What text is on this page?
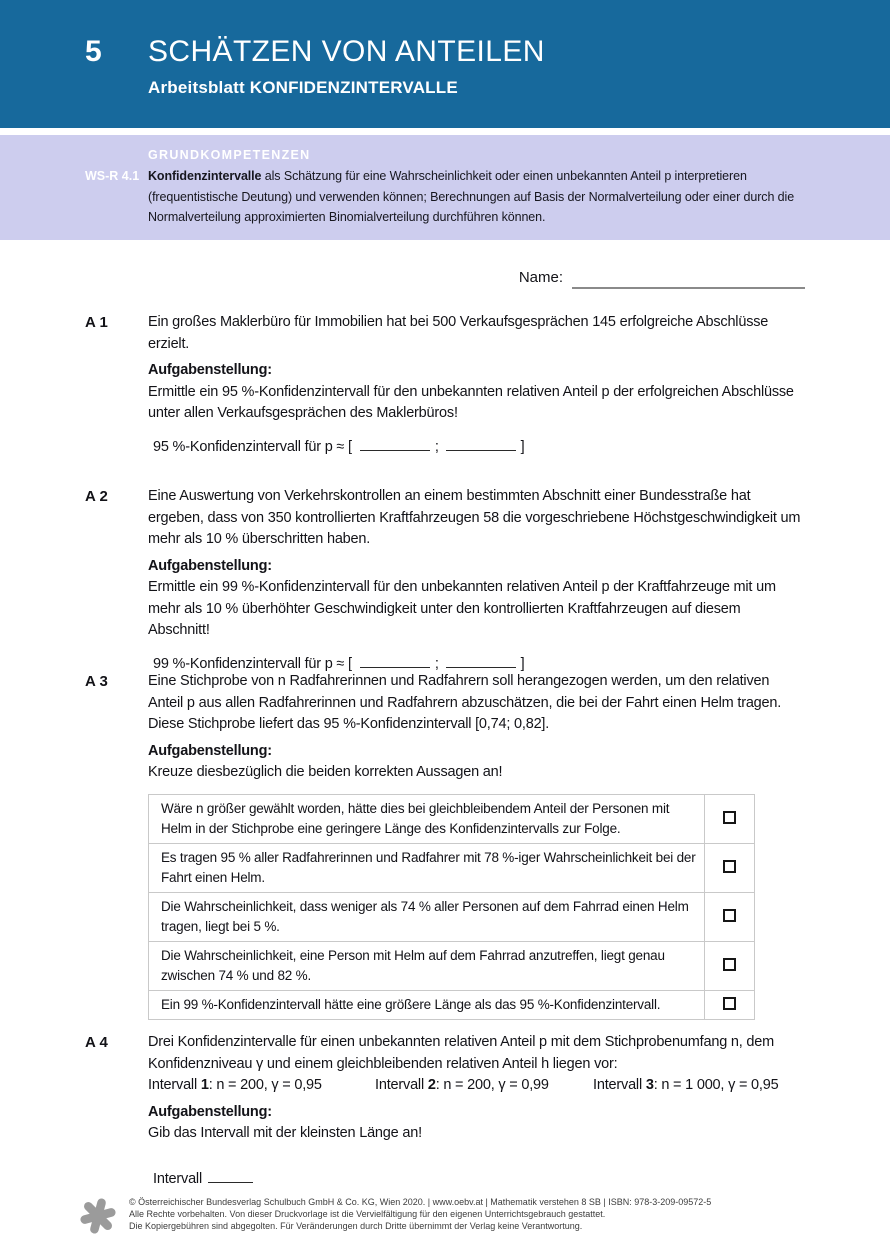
5	SCHÄTZEN VON ANTEILEN
Arbeitsblatt KONFIDENZINTERVALLE
WS-R 4.1
GRUNDKOMPETENZEN

Konfidenzintervalle als Schätzung für eine Wahrscheinlichkeit oder einen unbekannten Anteil p interpretieren (frequentistische Deutung) und verwenden können; Berechnungen auf Basis der Normalverteilung oder einer durch die Normalverteilung approximierten Binomialverteilung durchführen können.

Name:
A 1	Ein großes Maklerbüro für Immobilien hat bei 500 Verkaufsgesprächen 145 erfolgreiche Abschlüsse erzielt.

Aufgabenstellung:

Ermittle ein 95 %-Konfidenzintervall für den unbekannten relativen Anteil p der erfolgreichen Abschlüsse unter allen Verkaufsgesprächen des Maklerbüros!

95 %-Konfidenzintervall für p ≈ [	;	]

A 2	Eine Auswertung von Verkehrskontrollen an einem bestimmten Abschnitt einer Bundesstraße hat ergeben, dass von 350 kontrollierten Kraftfahrzeugen 58 die vorgeschriebene Höchstgeschwindigkeit um mehr als 10 % überschritten haben.

Aufgabenstellung:

Ermittle ein 99 %-Konfidenzintervall für den unbekannten relativen Anteil p der Kraftfahrzeuge mit um mehr als 10 % überhöhter Geschwindigkeit unter den kontrollierten Kraftfahrzeugen auf diesem Abschnitt!

99 %-Konfidenzintervall für p ≈ [	;	]

A 3	Eine Stichprobe von n Radfahrerinnen und Radfahrern soll herangezogen werden, um den relativen Anteil p aus allen Radfahrerinnen und Radfahrern abzuschätzen, die bei der Fahrt einen Helm tragen. Diese Stichprobe liefert das 95 %-Konfidenzintervall [0,74; 0,82].

Aufgabenstellung:

Kreuze diesbezüglich die beiden korrekten Aussagen an!

Wäre n größer gewählt worden, hätte dies bei gleichbleibendem Anteil der Personen mit Helm in der Stichprobe eine geringere Länge des Konfidenzintervalls zur Folge.	
Es tragen 95 % aller Radfahrerinnen und Radfahrer mit 78 %-iger Wahrscheinlichkeit bei der Fahrt einen Helm.	
Die Wahrscheinlichkeit, dass weniger als 74 % aller Personen auf dem Fahrrad einen Helm tragen, liegt bei 5 %.	
Die Wahrscheinlichkeit, eine Person mit Helm auf dem Fahrrad anzutreffen, liegt genau zwischen 74 % und 82 %.	
Ein 99 %-Konfidenzintervall hätte eine größere Länge als das 95 %-Konfidenzintervall.	
A 4	Drei Konfidenzintervalle für einen unbekannten relativen Anteil p mit dem Stichprobenumfang n, dem Konfidenzniveau γ und einem gleichbleibenden relativen Anteil h liegen vor:

Intervall 1: n = 200, γ = 0,95	Intervall 2: n = 200, γ = 0,99	Intervall 3: n = 1 000, γ = 0,95

Aufgabenstellung:

Gib das Intervall mit der kleinsten Länge an!

Intervall

© Österreichischer Bundesverlag Schulbuch GmbH & Co. KG, Wien 2020. | www.oebv.at | Mathematik verstehen 8 SB | ISBN: 978-3-209-09572-5
Alle Rechte vorbehalten. Von dieser Druckvorlage ist die Vervielfältigung für den eigenen Unterrichtsgebrauch gestattet.
Die Kopiergebühren sind abgegolten. Für Veränderungen durch Dritte übernimmt der Verlag keine Verantwortung.
